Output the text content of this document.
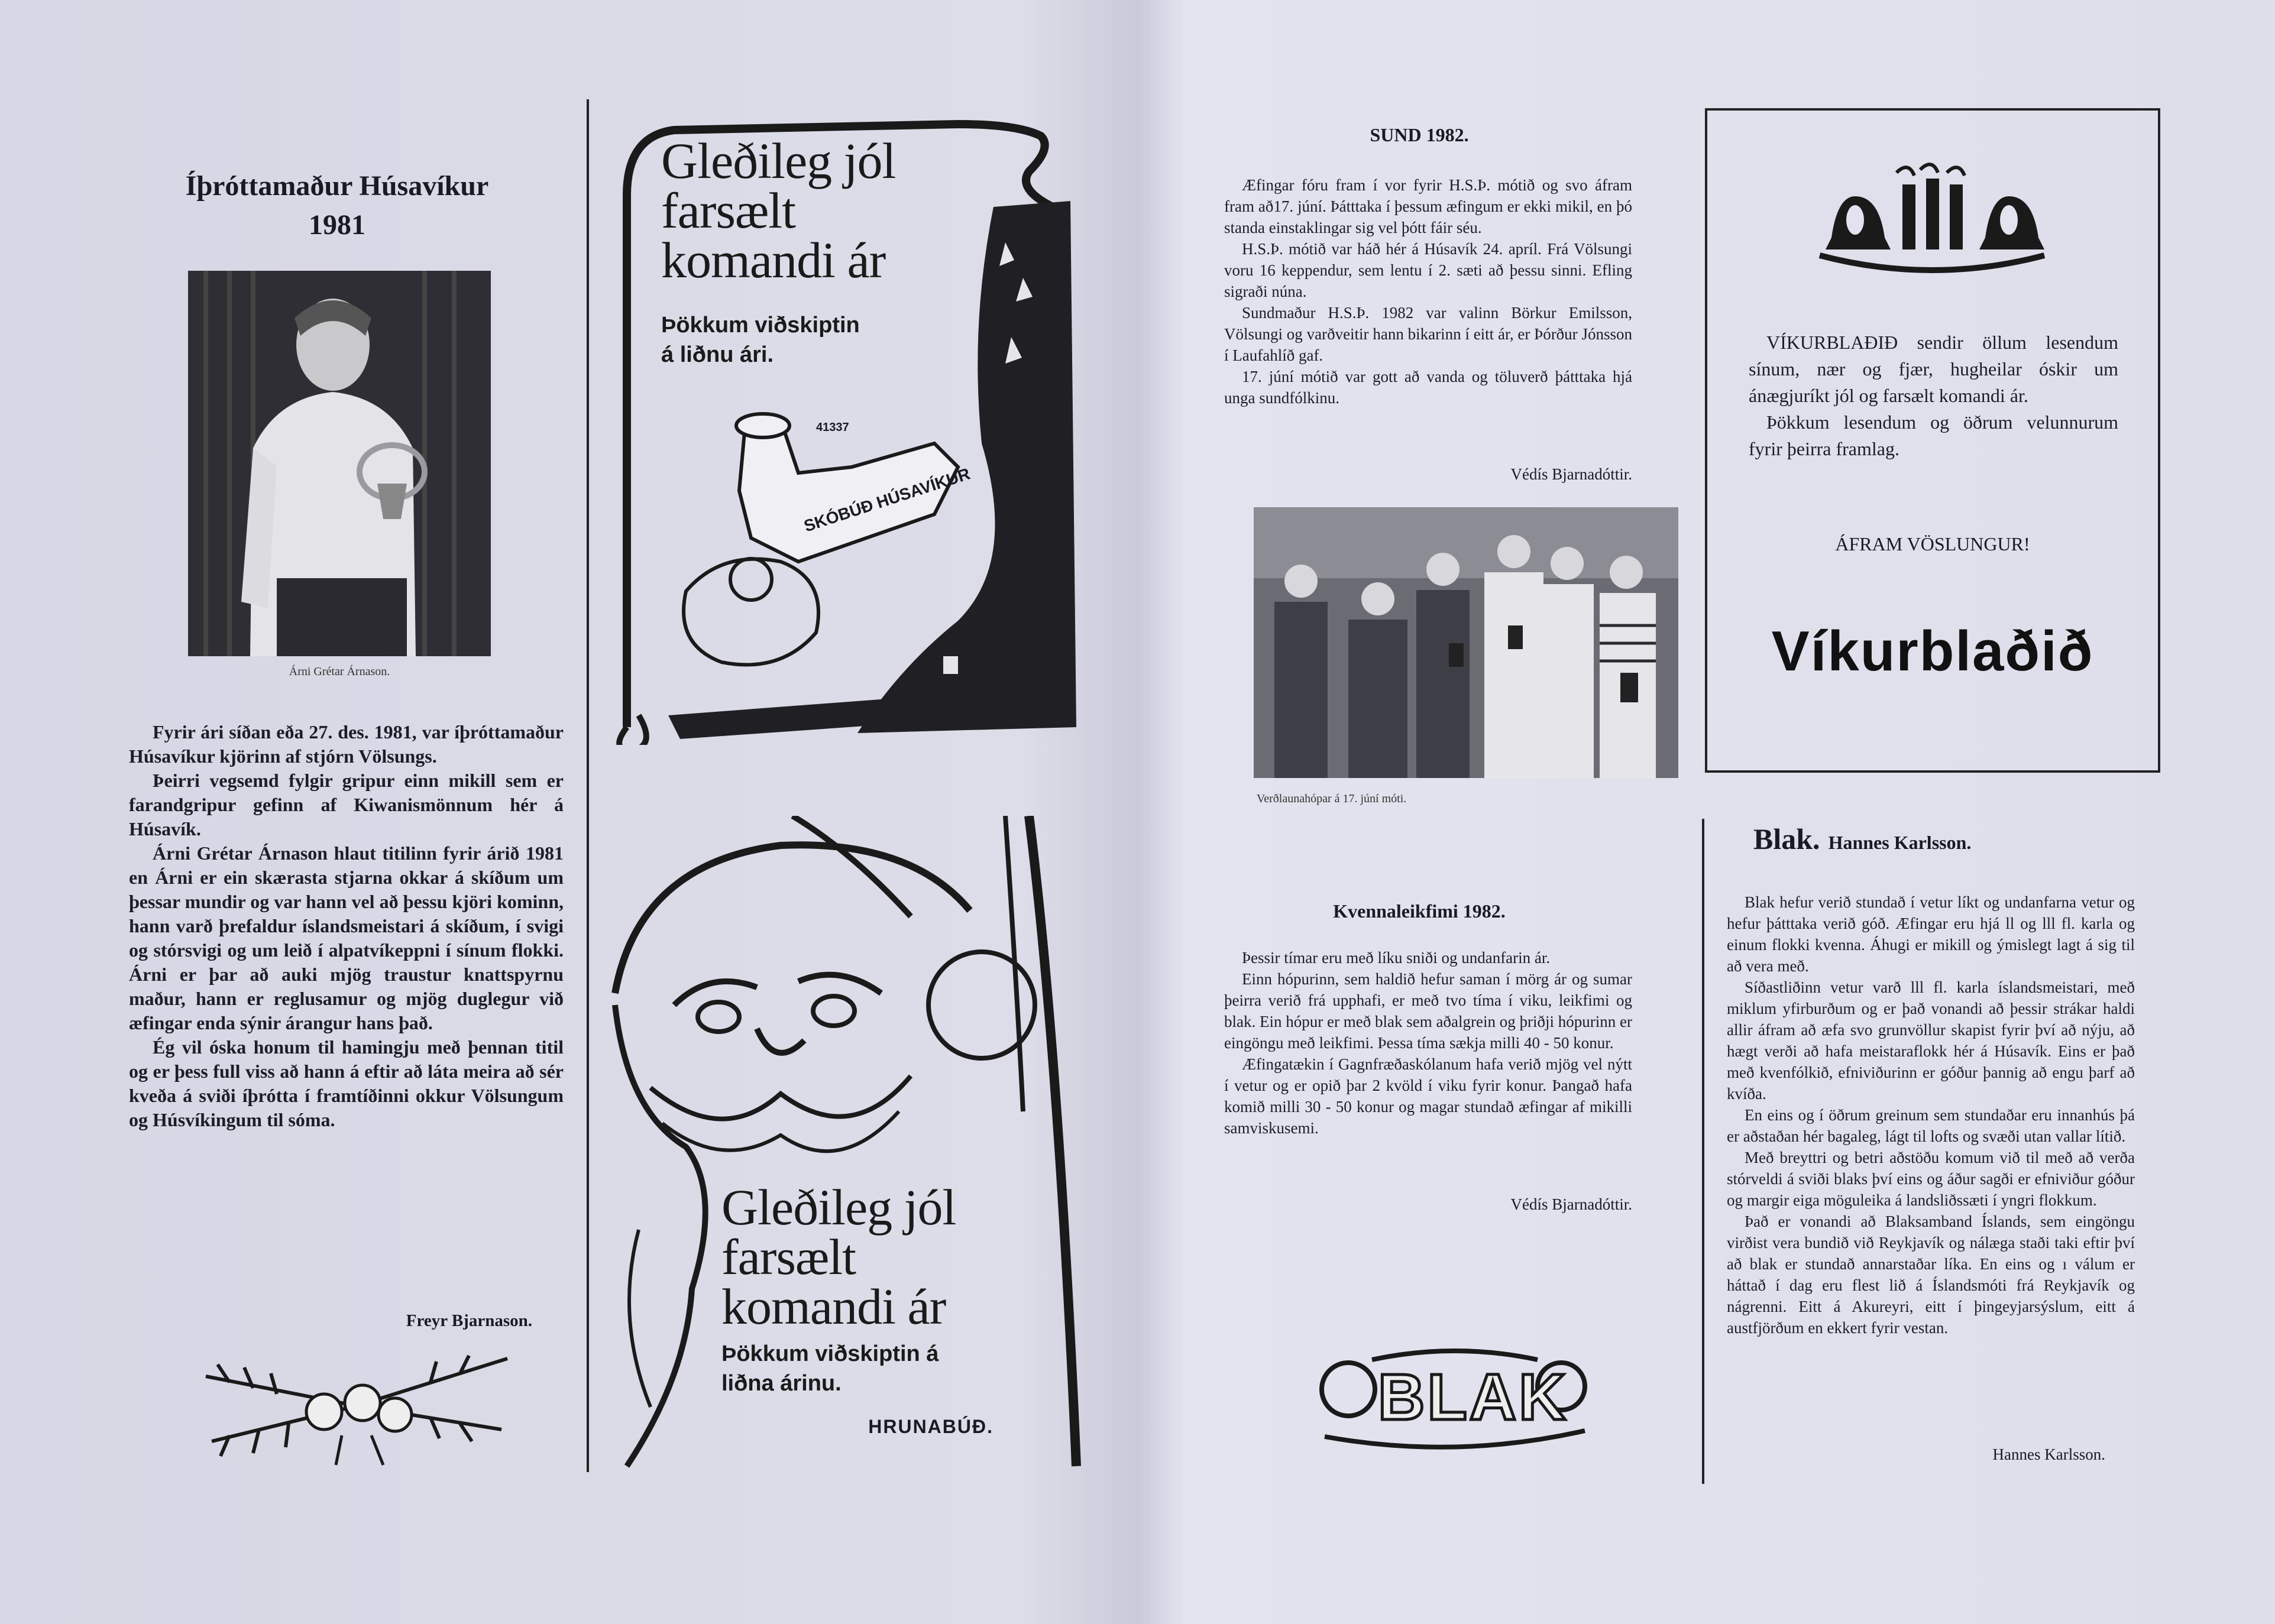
Íþróttamaður Húsavíkur
1981
Árni Grétar Árnason.

Fyrir ári síðan eða 27. des. 1981, var íþróttamaður Húsavíkur kjörinn af stjórn Völsungs.

Þeirri vegsemd fylgir gripur einn mikill sem er farandgripur gefinn af Kiwanismönnum hér á Húsavík.

Árni Grétar Árnason hlaut titilinn fyrir árið 1981 en Árni er ein skærasta stjarna okkar á skíðum um þessar mundir og var hann vel að þessu kjöri kominn, hann varð þrefaldur íslandsmeistari á skíðum, í svigi og stórsvigi og um leið í alpatvíkeppni í sínum flokki. Árni er þar að auki mjög traustur knattspyrnu maður, hann er reglusamur og mjög duglegur við æfingar enda sýnir árangur hans það.

Ég vil óska honum til hamingju með þennan titil og er þess full viss að hann á eftir að láta meira að sér kveða á sviði íþrótta í framtíðinni okkur Völsungum og Húsvíkingum til sóma.

Freyr Bjarnason.
Gleðileg jól
farsælt
komandi ár
Þökkum viðskiptin
á liðnu ári.
41337
SKÓBÚÐ HÚSAVÍKUR
Gleðileg jól
farsælt
komandi ár
Þökkum viðskiptin á
liðna árinu.
HRUNABÚÐ.
SUND 1982.

Æfingar fóru fram í vor fyrir H.S.Þ. mótið og svo áfram fram að17. júní. Þátttaka í þessum æfingum er ekki mikil, en þó standa einstaklingar sig vel þótt fáir séu.

H.S.Þ. mótið var háð hér á Húsavík 24. apríl. Frá Völsungi voru 16 keppendur, sem lentu í 2. sæti að þessu sinni. Efling sigraði núna.

Sundmaður H.S.Þ. 1982 var valinn Börkur Emilsson, Völsungi og varðveitir hann bikarinn í eitt ár, er Þórður Jónsson í Laufahlíð gaf.

17. júní mótið var gott að vanda og töluverð þátttaka hjá unga sundfólkinu.

Védís Bjarnadóttir.
Verðlaunahópar á 17. júní móti.

VÍKURBLAÐIÐ sendir öllum lesendum sínum, nær og fjær, hugheilar óskir um ánægjuríkt jól og farsælt komandi ár.

Þökkum lesendum og öðrum velunnurum fyrir þeirra framlag.

ÁFRAM VÖSLUNGUR!
Víkurblaðið
Kvennaleikfimi 1982.

Þessir tímar eru með líku sniði og undanfarin ár.

Einn hópurinn, sem haldið hefur saman í mörg ár og sumar þeirra verið frá upphafi, er með tvo tíma í viku, leikfimi og blak. Ein hópur er með blak sem aðalgrein og þriðji hópurinn er eingöngu með leikfimi. Þessa tíma sækja milli 40 - 50 konur.

Æfingatækin í Gagnfræðaskólanum hafa verið mjög vel nýtt í vetur og er opið þar 2 kvöld í viku fyrir konur. Þangað hafa komið milli 30 - 50 konur og magar stundað æfingar af mikilli samviskusemi.

Védís Bjarnadóttir.
BLAK
Blak. Hannes Karlsson.

Blak hefur verið stundað í vetur líkt og undanfarna vetur og hefur þátttaka verið góð. Æfingar eru hjá ll og lll fl. karla og einum flokki kvenna. Áhugi er mikill og ýmislegt lagt á sig til að vera með.

Síðastliðinn vetur varð lll fl. karla íslandsmeistari, með miklum yfirburðum og er það vonandi að þessir strákar haldi allir áfram að æfa svo grunvöllur skapist fyrir því að nýju, að hægt verði að hafa meistaraflokk hér á Húsavík. Eins er það með kvenfólkið, efniviðurinn er góður þannig að engu þarf að kvíða.

En eins og í öðrum greinum sem stundaðar eru innanhús þá er aðstaðan hér bagaleg, lágt til lofts og svæði utan vallar lítið.

Með breyttri og betri aðstöðu komum við til með að verða stórveldi á sviði blaks því eins og áður sagði er efniviður góður og margir eiga möguleika á landsliðssæti í yngri flokkum.

Það er vonandi að Blaksamband Íslands, sem eingöngu virðist vera bundið við Reykjavík og nálæga staði taki eftir því að blak er stundað annarstaðar líka. En eins og ı válum er háttað í dag eru flest lið á Íslandsmóti frá Reykjavík og nágrenni. Eitt á Akureyri, eitt í þingeyjarsýslum, eitt á austfjörðum en ekkert fyrir vestan.

Hannes Karlsson.
